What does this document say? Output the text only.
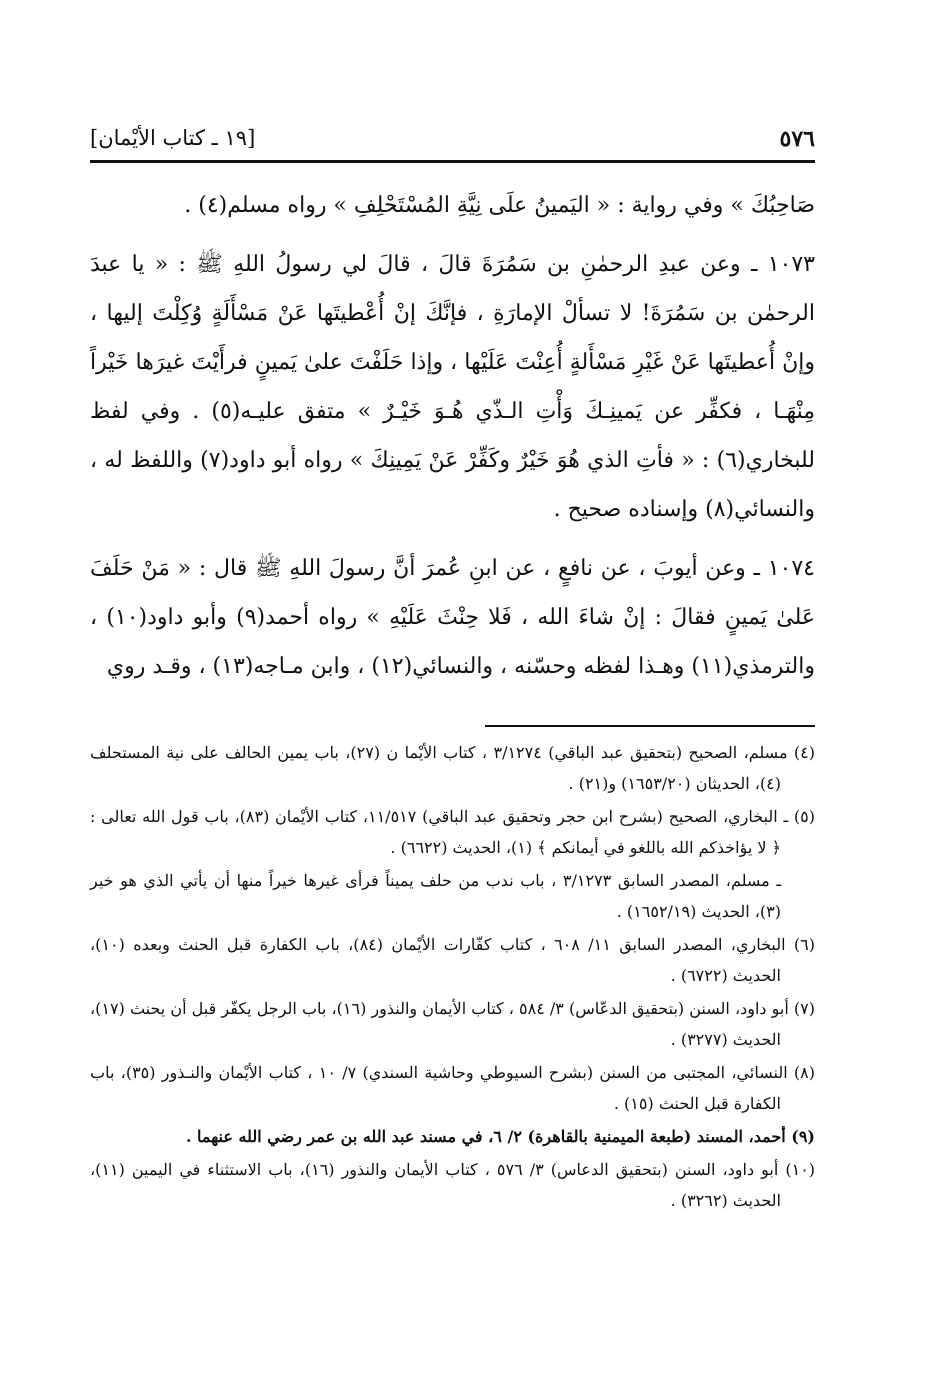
٥٧٦
[١٩ ـ كتاب الأيْمان]

صَاحِبُكَ » وفي رواية : « اليَمينُ علَى نِيَّةِ المُسْتَحْلِفِ » رواه مسلم(٤) .

١٠٧٣ ـ وعن عبدِ الرحمٰنِ بن سَمُرَةَ قالَ ، قالَ لي رسولُ اللهِ ﷺ : « يا عبدَ الرحمٰن بن سَمُرَةَ! لا تسألْ الإمارَةِ ، فإنَّكَ إنْ أُعْطيتَها عَنْ مَسْأَلَةٍ وُكِلْتَ إليها ، وإنْ أُعطيتَها عَنْ غَيْرِ مَسْأَلةٍ أُعِنْتَ عَلَيْها ، وإذا حَلَفْتَ علىٰ يَمينٍ فرأَيْتَ غيرَها خَيْراً مِنْهَـا ، فكفِّر عن يَمينِـكَ وَأْتِ الـذّي هُـوَ خَيْـرٌ » متفق عليـه(٥) . وفي لفظ للبخاري(٦) : « فأتِ الذي هُوَ خَيْرٌ وكَفِّرْ عَنْ يَمِينِكَ » رواه أبو داود(٧) واللفظ له ، والنسائي(٨) وإسناده صحيح .

١٠٧٤ ـ وعن أيوبَ ، عن نافعٍ ، عن ابنِ عُمرَ أنَّ رسولَ اللهِ ﷺ قال : « مَنْ حَلَفَ عَلىٰ يَمينٍ فقالَ : إنْ شاءَ الله ، فَلا حِنْثَ عَلَيْهِ » رواه أحمد(٩) وأبو داود(١٠) ، والترمذي(١١) وهـذا لفظه وحسّنه ، والنسائي(١٢) ، وابن مـاجه(١٣) ، وقـد روي

(٤) مسلم، الصحيح (بتحقيق عبد الباقي) ٣/١٢٧٤ ، كتاب الأيْما ن (٢٧)، باب يمين الحالف على نية المستحلف (٤)، الحديثان (١٦٥٣/٢٠) و(٢١) .

(٥) ـ البخاري، الصحيح (بشرح ابن حجر وتحقيق عبد الباقي) ١١/٥١٧، كتاب الأيْمان (٨٣)، باب قول الله تعالى : ﴿ لا يؤاخذكم الله باللغو في أيمانكم ﴾ (١)، الحديث (٦٦٢٢) .

ـ مسلم، المصدر السابق ٣/١٢٧٣ ، باب ندب من حلف يميناً فرأى غيرها خيراً منها أن يأتي الذي هو خير (٣)، الحديث (١٦٥٢/١٩) .

(٦) البخاري، المصدر السابق ١١/ ٦٠٨ ، كتاب كفّارات الأيْمان (٨٤)، باب الكفارة قبل الحنث وبعده (١٠)، الحديث (٦٧٢٢) .

(٧) أبو داود، السنن (بتحقيق الدعّاس) ٣/ ٥٨٤ ، كتاب الأيمان والنذور (١٦)، باب الرجل يكفّر قبل أن يحنث (١٧)، الحديث (٣٢٧٧) .

(٨) النسائي، المجتبى من السنن (بشرح السيوطي وحاشية السندي) ٧/ ١٠ ، كتاب الأيْمان والنـذور (٣٥)، باب الكفارة قبل الحنث (١٥) .

(٩) أحمد، المسند (طبعة الميمنية بالقاهرة) ٢/ ٦، في مسند عبد الله بن عمر رضي الله عنهما .

(١٠) أبو داود، السنن (بتحقيق الدعاس) ٣/ ٥٧٦ ، كتاب الأيمان والنذور (١٦)، باب الاستثناء في اليمين (١١)، الحديث (٣٢٦٢) .
